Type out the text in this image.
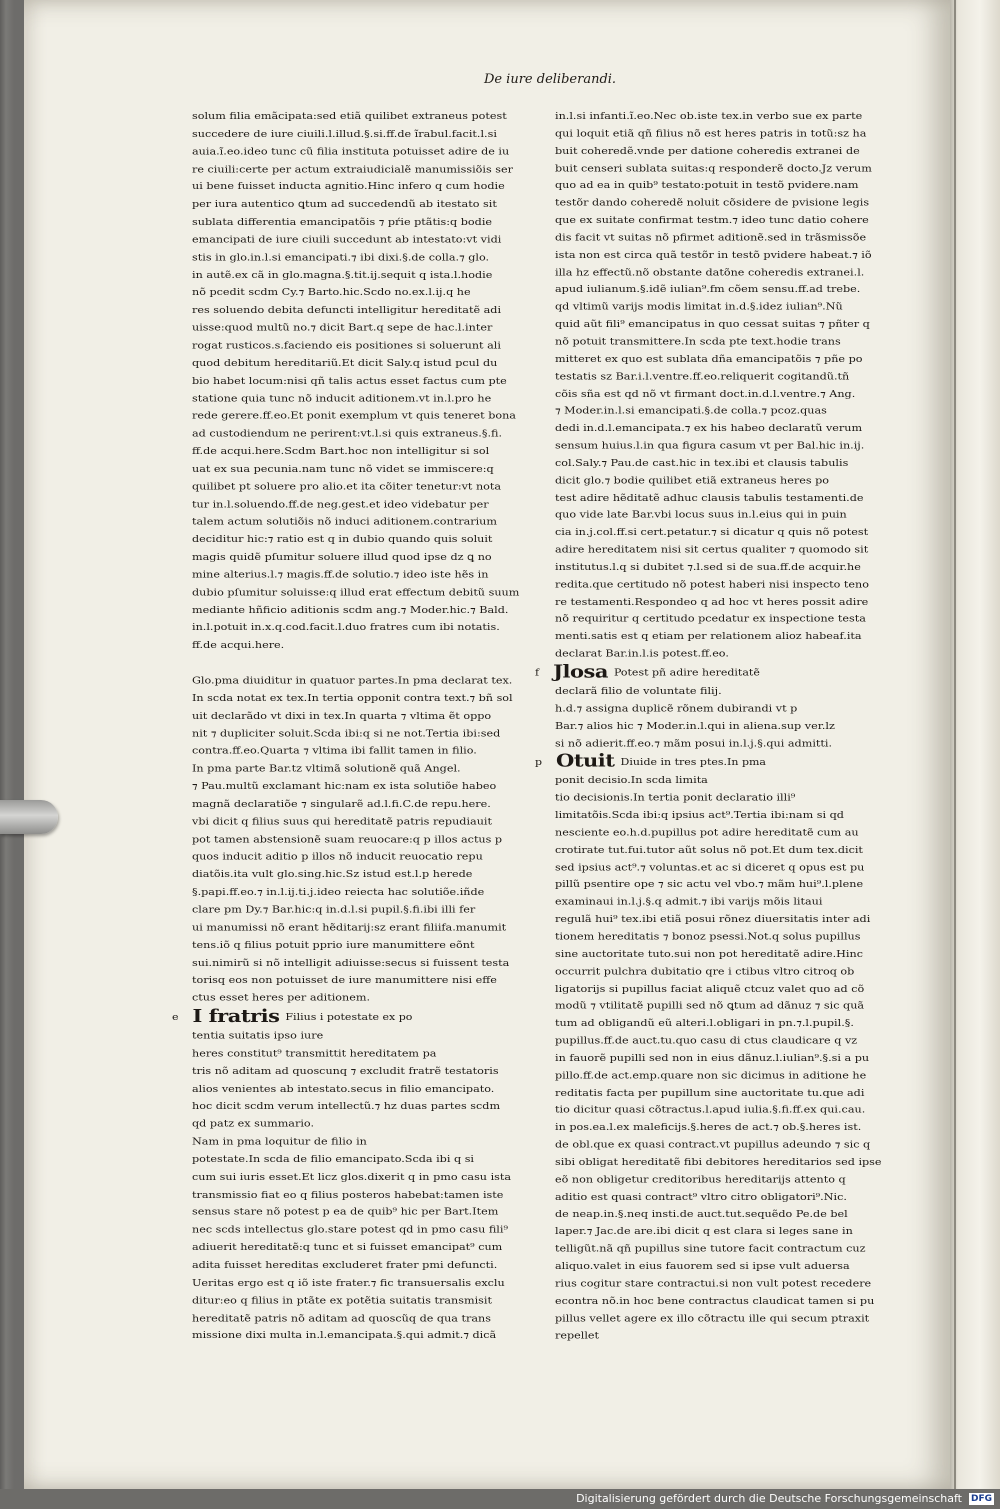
De iure deliberandi.
solum filia emãcipata:sed etiã quilibet extraneus potest
succedere de iure ciuili.l.illud.§.si.ff.de ĩrabul.facit.l.si
auia.ĩ.eo.ideo tunc cũ filia instituta potuisset adire de iu
re ciuili:certe per actum extraiudicialẽ manumissiõis ser
ui bene fuisset inducta agnitio.Hinc infero q cum hodie
per iura autentico ꝗtum ad succedendũ ab itestato sit
sublata differentia emancipatõis ⁊ pŕie ptãtis:q bodie
emancipati de iure ciuili succedunt ab intestato:vt vidi
stis in glo.in.l.si emancipati.⁊ ibi dixi.§.de colla.⁊ glo.
in autẽ.ex cã in glo.magna.§.tit.ij.sequit q ista.l.hodie
nõ pcedit scdm Cy.⁊ Barto.hic.Scdo no.ex.l.ij.q he
res soluendo debita defuncti intelligitur hereditatẽ adi
uisse:quod multũ no.⁊ dicit Bart.q sepe de hac.l.inter
rogat rusticos.s.faciendo eis positiones si soluerunt ali
quod debitum hereditariũ.Et dicit Saly.q istud pcul du
bio habet locum:nisi qñ talis actus esset factus cum pte
statione quia tunc nõ inducit aditionem.vt in.l.pro he
rede gerere.ff.eo.Et ponit exemplum vt quis teneret bona
ad custodiendum ne perirent:vt.l.si quis extraneus.§.fi.
ff.de acqui.here.Scdm Bart.hoc non intelligitur si sol
uat ex sua pecunia.nam tunc nõ videt se immiscere:q
quilibet pt soluere pro alio.et ita cõiter tenetur:vt nota
tur in.l.soluendo.ff.de neg.gest.et ideo videbatur per
talem actum solutiõis nõ induci aditionem.contrarium
deciditur hic:⁊ ratio est q in dubio quando quis soluit
magis quidẽ pſumitur soluere illud quod ipse dz ꝗ no
mine alterius.l.⁊ magis.ff.de solutio.⁊ ideo iste hẽs in
dubio pſumitur soluisse:q illud erat effectum debitũ suum
mediante hñficio aditionis scdm ang.⁊ Moder.hic.⁊ Bald.
in.l.potuit in.x.q.cod.facit.l.duo fratres cum ibi notatis.
ff.de acqui.here.
Glo.pma diuiditur in quatuor partes.In pma declarat tex.
In scda notat ex tex.In tertia opponit contra text.⁊ bñ sol
uit declarãdo vt dixi in tex.In quarta ⁊ vltima ẽt oppo
nit ⁊ dupliciter soluit.Scda ibi:q si ne not.Tertia ibi:sed
contra.ff.eo.Quarta ⁊ vltima ibi fallit tamen in filio.
In pma parte Bar.tz vltimã solutionẽ quã Angel.
⁊ Pau.multũ exclamant hic:nam ex ista solutiõe habeo
magnã declaratiõe ⁊ singularẽ ad.l.fi.C.de repu.here.
vbi dicit q filius suus qui hereditatẽ patris repudiauit
pot tamen abstensionẽ suam reuocare:q p illos actus p
quos inducit aditio p illos nõ inducit reuocatio repu
diatõis.ita vult glo.sing.hic.Sz istud est.l.p herede
§.papi.ff.eo.⁊ in.l.ij.ti.j.ideo reiecta hac solutiõe.iñde
clare pm Dy.⁊ Bar.hic:q in.d.l.si pupil.§.fi.ibi illi fer
ui manumissi nõ erant hẽditarij:sz erant filiifa.manumit
tens.iõ q filius potuit pprio iure manumittere eõnt
sui.nimirũ si nõ intelligit adiuisse:secus si fuissent testa
torisq eos non potuisset de iure manumittere nisi effe
ctus esset heres per aditionem.
e I fratris Filius i potestate ex po
tentia suitatis ipso iure
heres constitut⁹ transmittit hereditatem pa
tris nõ aditam ad quoscunq ⁊ excludit fratrẽ testatoris
alios venientes ab intestato.secus in filio emancipato.
hoc dicit scdm verum intellectũ.⁊ hz duas partes scdm
qd patz ex summario.
Nam in pma loquitur de filio in
potestate.In scda de filio emancipato.Scda ibi q si
cum sui iuris esset.Et licz glos.dixerit q in pmo casu ista
transmissio fiat eo q filius posteros habebat:tamen iste
sensus stare nõ potest p ea de quib⁹ hic per Bart.Item
nec scds intellectus glo.stare potest qd in pmo casu fili⁹
adiuerit hereditatẽ:q tunc et si fuisset emancipat⁹ cum
adita fuisset hereditas excluderet frater pmi defuncti.
Ueritas ergo est q iõ iste frater.⁊ fic transuersalis exclu
ditur:eo q filius in ptãte ex potẽtia suitatis transmisit
hereditatẽ patris nõ aditam ad quoscũq de qua trans
missione dixi multa in.l.emancipata.§.qui admit.⁊ dicã
in.l.si infanti.ĩ.eo.Nec ob.iste tex.in verbo sue ex parte
qui loquit etiã qñ filius nõ est heres patris in totũ:sz ha
buit coheredẽ.vnde per datione coheredis extranei de
buit censeri sublata suitas:q responderẽ docto.Jz verum
quo ad ea in quib⁹ testato:potuit in testõ pvidere.nam
testõr dando coheredẽ noluit cõsidere de pvisione legis
que ex suitate confirmat testm.⁊ ideo tunc datio cohere
dis facit vt suitas nõ pfirmet aditionẽ.sed in trãsmissõe
ista non est circa quã testõr in testõ pvidere habeat.⁊ iõ
illa hz effectũ.nõ obstante datõne coheredis extranei.l.
apud iulianum.§.idẽ iulian⁹.fm cõem sensu.ff.ad trebe.
qd vltimũ varijs modis limitat in.d.§.idez iulian⁹.Nũ
quid aũt fili⁹ emancipatus in quo cessat suitas ⁊ pñter q
nõ potuit transmittere.In scda pte text.hodie trans
mitteret ex quo est sublata dña emancipatõis ⁊ pñe po
testatis sz Bar.i.l.ventre.ff.eo.reliquerit cogitandũ.tñ
cõis sña est qd nõ vt firmant doct.in.d.l.ventre.⁊ Ang.
⁊ Moder.in.l.si emancipati.§.de colla.⁊ pcoz.quas
dedi in.d.l.emancipata.⁊ ex his habeo declaratũ verum
sensum huius.l.in qua figura casum vt per Bal.hic in.ij.
col.Saly.⁊ Pau.de cast.hic in tex.ibi et clausis tabulis
dicit glo.⁊ bodie quilibet etiã extraneus heres po
test adire hẽditatẽ adhuc clausis tabulis testamenti.de
quo vide late Bar.vbi locus suus in.l.eius qui in puin
cia in.j.col.ff.si cert.petatur.⁊ si dicatur q quis nõ potest
adire hereditatem nisi sit certus qualiter ⁊ quomodo sit
institutus.l.q si dubitet ⁊.l.sed si de sua.ff.de acquir.he
redita.que certitudo nõ potest haberi nisi inspecto teno
re testamenti.Respondeo q ad hoc vt heres possit adire
nõ requiritur q certitudo pcedatur ex inspectione testa
menti.satis est q etiam per relationem alioz habeaf.ita
declarat Bar.in.l.is potest.ff.eo.
f Jlosa Potest pñ adire hereditatẽ
declarã filio de voluntate filij.
h.d.⁊ assigna duplicẽ rõnem dubirandi vt p
Bar.⁊ alios hic ⁊ Moder.in.l.qui in aliena.sup ver.lz
si nõ adierit.ff.eo.⁊ mãm posui in.l.j.§.qui admitti.
p Otuit Diuide in tres ptes.In pma
ponit decisio.In scda limita
tio decisionis.In tertia ponit declaratio illi⁹
limitatõis.Scda ibi:q ipsius act⁹.Tertia ibi:nam si qd
nesciente eo.h.d.pupillus pot adire hereditatẽ cum au
crotirate tut.fui.tutor aũt solus nõ pot.Et dum tex.dicit
sed ipsius act⁹.⁊ voluntas.et ac si diceret q opus est pu
pillũ psentire ope ⁊ sic actu vel vbo.⁊ mãm hui⁹.l.plene
examinaui in.l.j.§.q admit.⁊ ibi varijs mõis litaui
regulã hui⁹ tex.ibi etiã posui rõnez diuersitatis inter adi
tionem hereditatis ⁊ bonoz psessi.Not.q solus pupillus
sine auctoritate tuto.sui non pot hereditatẽ adire.Hinc
occurrit pulchra dubitatio qre i ctibus vltro citroq ob
ligatorijs si pupillus faciat aliquẽ ctcuz valet quo ad cõ
modũ ⁊ vtilitatẽ pupilli sed nõ ꝗtum ad dãnuz ⁊ sic quã
tum ad obligandũ eũ alteri.l.obligari in pn.⁊.l.pupil.§.
pupillus.ff.de auct.tu.quo casu di ctus claudicare q vz
in fauorẽ pupilli sed non in eius dãnuz.l.iulian⁹.§.si a pu
pillo.ff.de act.emp.quare non sic dicimus in aditione he
reditatis facta per pupillum sine auctoritate tu.que adi
tio dicitur quasi cõtractus.l.apud iulia.§.fi.ff.ex qui.cau.
in pos.ea.l.ex maleficijs.§.heres de act.⁊ ob.§.heres ist.
de obl.que ex quasi contract.vt pupillus adeundo ⁊ sic q
sibi obligat hereditatẽ fibi debitores hereditarios sed ipse
eõ non obligetur creditoribus hereditarijs attento q
aditio est quasi contract⁹ vltro citro obligatori⁹.Nic.
de neap.in.§.neq insti.de auct.tut.sequẽdo Pe.de bel
laper.⁊ Jac.de are.ibi dicit q est clara si leges sane in
telligũt.nã qñ pupillus sine tutore facit contractum cuz
aliquo.valet in eius fauorem sed si ipse vult aduersa
rius cogitur stare contractui.si non vult potest recedere
econtra nõ.in hoc bene contractus claudicat tamen si pu
pillus vellet agere ex illo cõtractu ille qui secum ptraxit
repellet
Digitalisierung gefördert durch die Deutsche Forschungsgemeinschaft DFG
